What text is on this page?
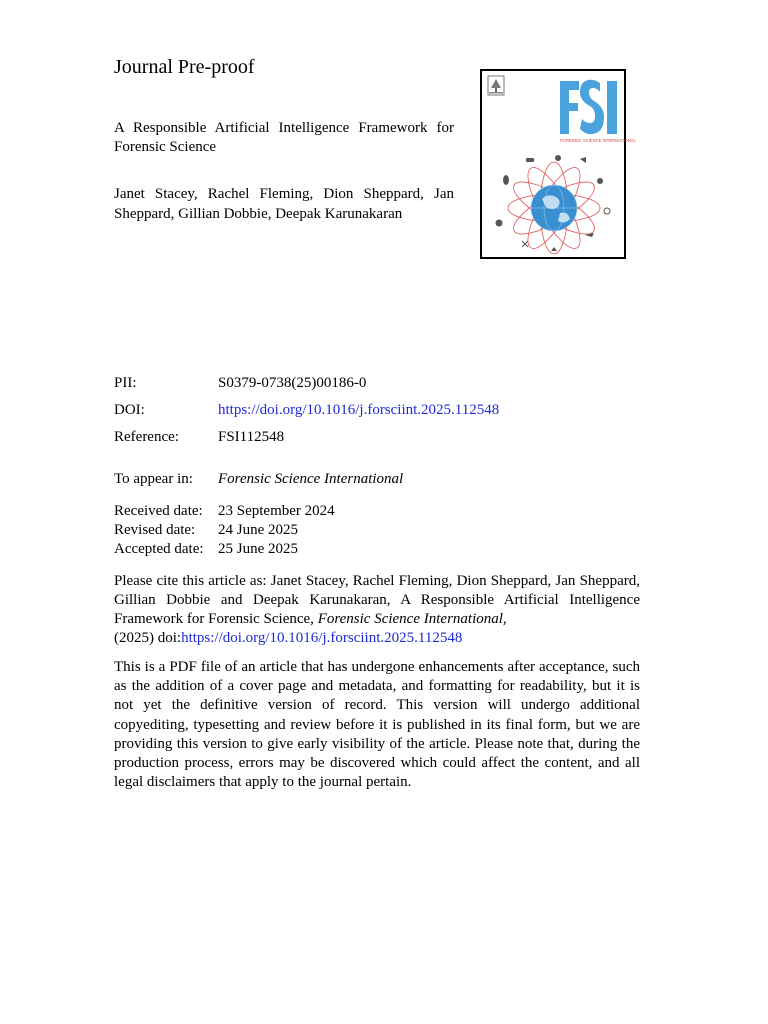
Journal Pre-proof
A Responsible Artificial Intelligence Framework for Forensic Science
Janet Stacey, Rachel Fleming, Dion Sheppard, Jan Sheppard, Gillian Dobbie, Deepak Karunakaran
FORENSIC SCIENCE INTERNATIONAL
PII:	S0379-0738(25)00186-0
DOI:	https://doi.org/10.1016/j.forsciint.2025.112548
Reference:	FSI112548
To appear in: Forensic Science International
Received date: 23 September 2024
Revised date: 24 June 2025
Accepted date: 25 June 2025
Please cite this article as: Janet Stacey, Rachel Fleming, Dion Sheppard, Jan Sheppard, Gillian Dobbie and Deepak Karunakaran, A Responsible Artificial Intelligence Framework for Forensic Science, Forensic Science International,
(2025) doi:https://doi.org/10.1016/j.forsciint.2025.112548
This is a PDF file of an article that has undergone enhancements after acceptance, such as the addition of a cover page and metadata, and formatting for readability, but it is not yet the definitive version of record. This version will undergo additional copyediting, typesetting and review before it is published in its final form, but we are providing this version to give early visibility of the article. Please note that, during the production process, errors may be discovered which could affect the content, and all legal disclaimers that apply to the journal pertain.
